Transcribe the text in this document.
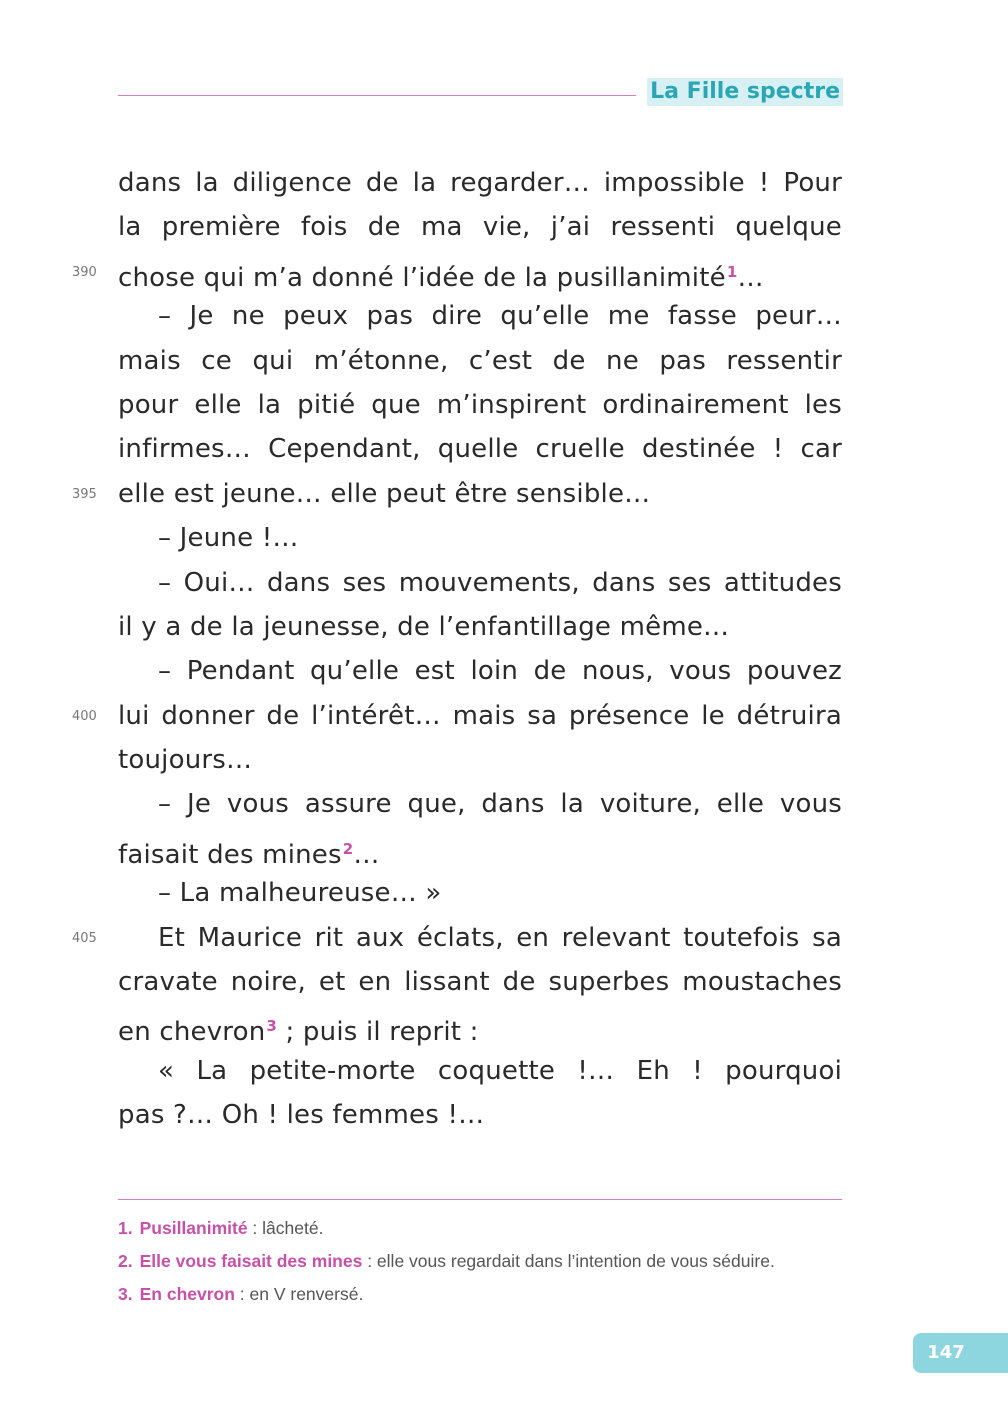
La Fille spectre
390
395
400
405
dans la diligence de la regarder… impossible ! Pour
la première fois de ma vie, j’ai ressenti quelque
chose qui m’a donné l’idée de la pusillanimité$^1$…
– Je ne peux pas dire qu’elle me fasse peur…
mais ce qui m’étonne, c’est de ne pas ressentir
pour elle la pitié que m’inspirent ordinairement les
infirmes… Cependant, quelle cruelle destinée ! car
elle est jeune… elle peut être sensible…
– Jeune !…
– Oui… dans ses mouvements, dans ses attitudes
il y a de la jeunesse, de l’enfantillage même…
– Pendant qu’elle est loin de nous, vous pouvez
lui donner de l’intérêt… mais sa présence le détruira
toujours…
– Je vous assure que, dans la voiture, elle vous
faisait des mines$^2$…
– La malheureuse… »
Et Maurice rit aux éclats, en relevant toutefois sa
cravate noire, et en lissant de superbes moustaches
en chevron$^3$ ; puis il reprit :
« La petite-morte coquette !… Eh ! pourquoi
pas ?… Oh ! les femmes !…
1. Pusillanimité : lâcheté.
2. Elle vous faisait des mines : elle vous regardait dans l’intention de vous séduire.
3. En chevron : en V renversé.
147
